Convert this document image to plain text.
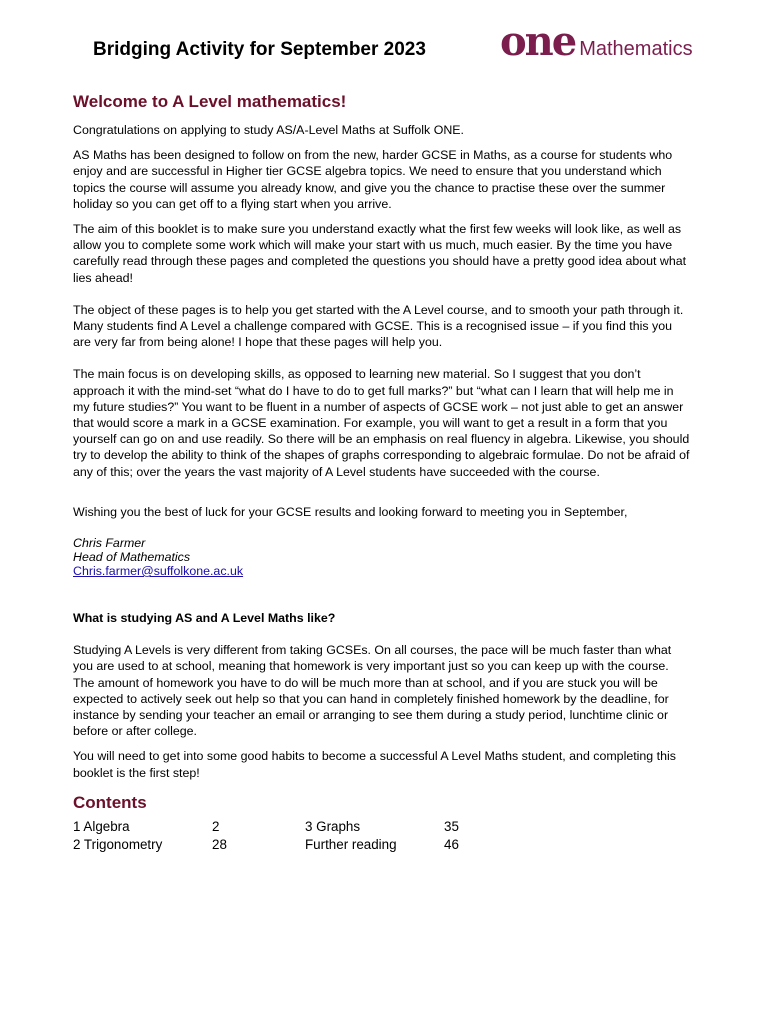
Bridging Activity for September 2023 one Mathematics
Welcome to A Level mathematics!

Congratulations on applying to study AS/A-Level Maths at Suffolk ONE.

AS Maths has been designed to follow on from the new, harder GCSE in Maths, as a course for students who enjoy and are successful in Higher tier GCSE algebra topics. We need to ensure that you understand which topics the course will assume you already know, and give you the chance to practise these over the summer holiday so you can get off to a flying start when you arrive.

The aim of this booklet is to make sure you understand exactly what the first few weeks will look like, as well as allow you to complete some work which will make your start with us much, much easier. By the time you have carefully read through these pages and completed the questions you should have a pretty good idea about what lies ahead!

The object of these pages is to help you get started with the A Level course, and to smooth your path through it. Many students find A Level a challenge compared with GCSE. This is a recognised issue – if you find this you are very far from being alone! I hope that these pages will help you.

The main focus is on developing skills, as opposed to learning new material. So I suggest that you don’t approach it with the mind-set “what do I have to do to get full marks?” but “what can I learn that will help me in my future studies?” You want to be fluent in a number of aspects of GCSE work – not just able to get an answer that would score a mark in a GCSE examination. For example, you will want to get a result in a form that you yourself can go on and use readily. So there will be an emphasis on real fluency in algebra. Likewise, you should try to develop the ability to think of the shapes of graphs corresponding to algebraic formulae. Do not be afraid of any of this; over the years the vast majority of A Level students have succeeded with the course.

Wishing you the best of luck for your GCSE results and looking forward to meeting you in September,

Chris Farmer

Head of Mathematics

Chris.farmer@suffolkone.ac.uk

What is studying AS and A Level Maths like?

Studying A Levels is very different from taking GCSEs. On all courses, the pace will be much faster than what you are used to at school, meaning that homework is very important just so you can keep up with the course. The amount of homework you have to do will be much more than at school, and if you are stuck you will be expected to actively seek out help so that you can hand in completely finished homework by the deadline, for instance by sending your teacher an email or arranging to see them during a study period, lunchtime clinic or before or after college.

You will need to get into some good habits to become a successful A Level Maths student, and completing this booklet is the first step!

Contents
1 Algebra	2	3 Graphs	35
2 Trigonometry	28	Further reading	46
